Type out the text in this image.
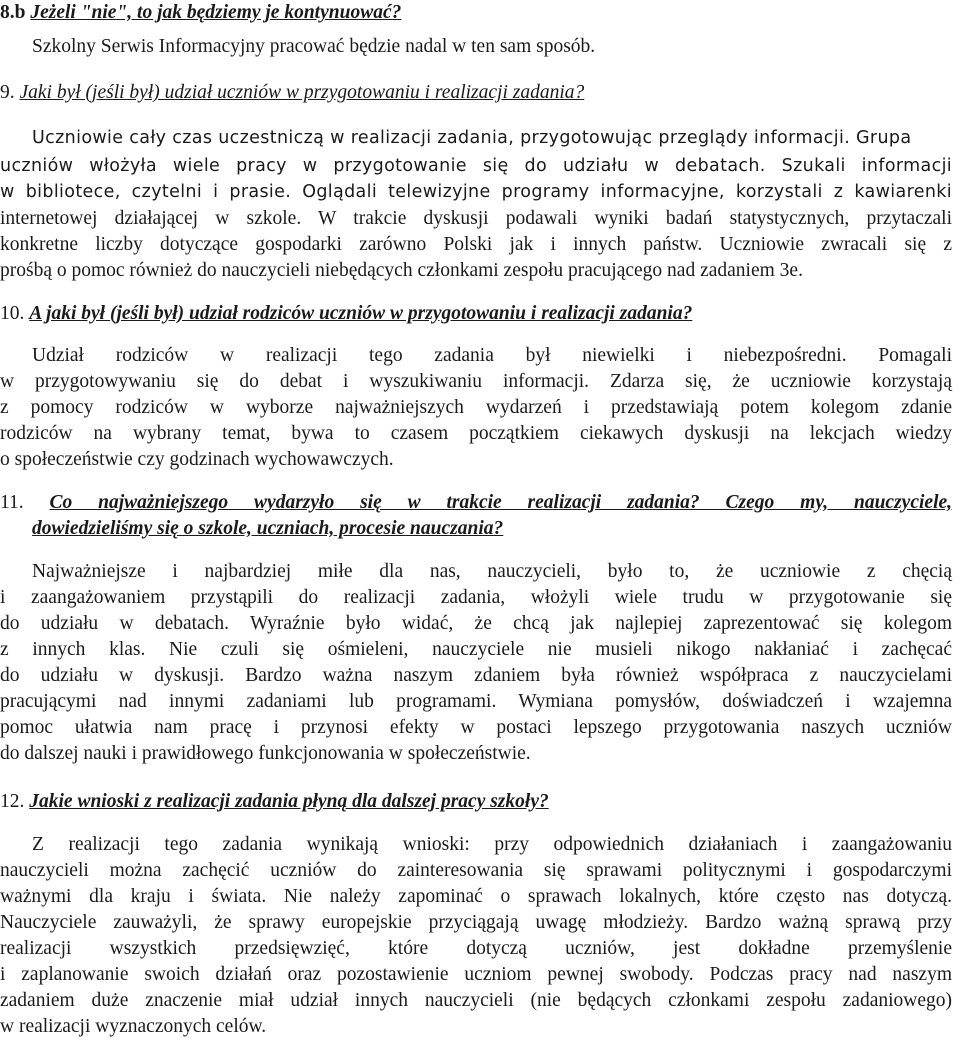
8.b Jeżeli "nie", to jak będziemy je kontynuować?
Szkolny Serwis Informacyjny pracować będzie nadal w ten sam sposób.
9. Jaki był (jeśli był) udział uczniów w przygotowaniu i realizacji zadania?
Uczniowie cały czas uczestniczą w realizacji zadania, przygotowując przeglądy informacji. Grupa
uczniów włożyła wiele pracy w przygotowanie się do udziału w debatach. Szukali informacji
w bibliotece, czytelni i prasie. Oglądali telewizyjne programy informacyjne, korzystali z kawiarenki
internetowej działającej w szkole. W trakcie dyskusji podawali wyniki badań statystycznych, przytaczali
konkretne liczby dotyczące gospodarki zarówno Polski jak i innych państw. Uczniowie zwracali się z
prośbą o pomoc również do nauczycieli niebędących członkami zespołu pracującego nad zadaniem 3e.
10. A jaki był (jeśli był) udział rodziców uczniów w przygotowaniu i realizacji zadania?
Udział rodziców w realizacji tego zadania był niewielki i niebezpośredni. Pomagali
w przygotowywaniu się do debat i wyszukiwaniu informacji. Zdarza się, że uczniowie korzystają
z pomocy rodziców w wyborze najważniejszych wydarzeń i przedstawiają potem kolegom zdanie
rodziców na wybrany temat, bywa to czasem początkiem ciekawych dyskusji na lekcjach wiedzy
o społeczeństwie czy godzinach wychowawczych.
11. Co najważniejszego wydarzyło się w trakcie realizacji zadania? Czego my, nauczyciele,
dowiedzieliśmy się o szkole, uczniach, procesie nauczania?
Najważniejsze i najbardziej miłe dla nas, nauczycieli, było to, że uczniowie z chęcią
i zaangażowaniem przystąpili do realizacji zadania, włożyli wiele trudu w przygotowanie się
do udziału w debatach. Wyraźnie było widać, że chcą jak najlepiej zaprezentować się kolegom
z innych klas. Nie czuli się ośmieleni, nauczyciele nie musieli nikogo nakłaniać i zachęcać
do udziału w dyskusji. Bardzo ważna naszym zdaniem była również współpraca z nauczycielami
pracującymi nad innymi zadaniami lub programami. Wymiana pomysłów, doświadczeń i wzajemna
pomoc ułatwia nam pracę i przynosi efekty w postaci lepszego przygotowania naszych uczniów
do dalszej nauki i prawidłowego funkcjonowania w społeczeństwie.
12. Jakie wnioski z realizacji zadania płyną dla dalszej pracy szkoły?
Z realizacji tego zadania wynikają wnioski: przy odpowiednich działaniach i zaangażowaniu
nauczycieli można zachęcić uczniów do zainteresowania się sprawami politycznymi i gospodarczymi
ważnymi dla kraju i świata. Nie należy zapominać o sprawach lokalnych, które często nas dotyczą.
Nauczyciele zauważyli, że sprawy europejskie przyciągają uwagę młodzieży. Bardzo ważną sprawą przy
realizacji wszystkich przedsięwzięć, które dotyczą uczniów, jest dokładne przemyślenie
i zaplanowanie swoich działań oraz pozostawienie uczniom pewnej swobody. Podczas pracy nad naszym
zadaniem duże znaczenie miał udział innych nauczycieli (nie będących członkami zespołu zadaniowego)
w realizacji wyznaczonych celów.
